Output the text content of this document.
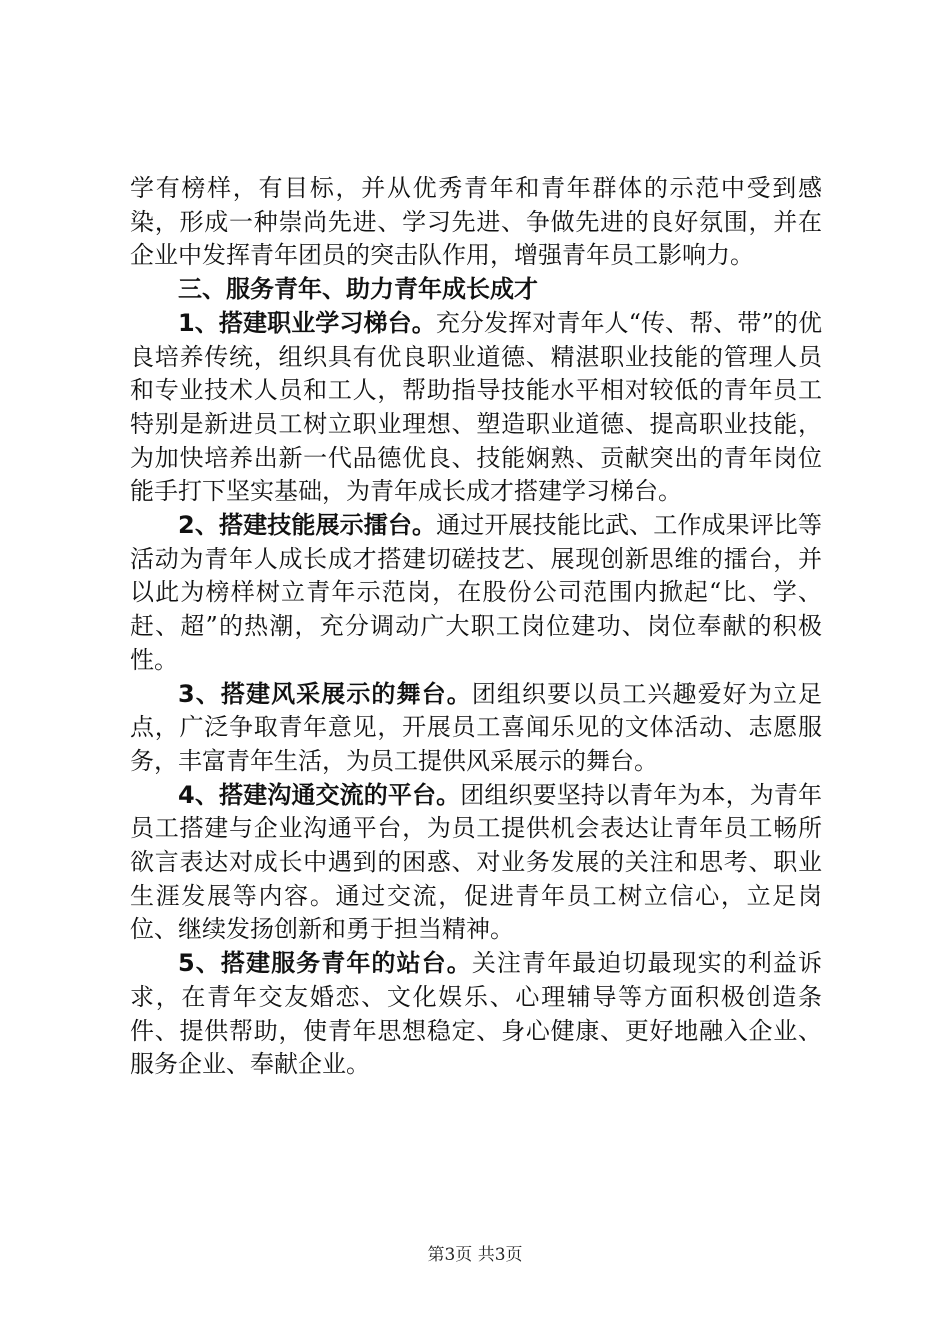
学有榜样，有目标，并从优秀青年和青年群体的示范中受到感染，形成一种崇尚先进、学习先进、争做先进的良好氛围，并在企业中发挥青年团员的突击队作用，增强青年员工影响力。

三、服务青年、助力青年成长成才

1、搭建职业学习梯台。充分发挥对青年人“传、帮、带”的优良培养传统，组织具有优良职业道德、精湛职业技能的管理人员和专业技术人员和工人，帮助指导技能水平相对较低的青年员工特别是新进员工树立职业理想、塑造职业道德、提高职业技能，为加快培养出新一代品德优良、技能娴熟、贡献突出的青年岗位能手打下坚实基础，为青年成长成才搭建学习梯台。

2、搭建技能展示擂台。通过开展技能比武、工作成果评比等活动为青年人成长成才搭建切磋技艺、展现创新思维的擂台，并以此为榜样树立青年示范岗，在股份公司范围内掀起“比、学、赶、超”的热潮，充分调动广大职工岗位建功、岗位奉献的积极性。

3、搭建风采展示的舞台。团组织要以员工兴趣爱好为立足点，广泛争取青年意见，开展员工喜闻乐见的文体活动、志愿服务，丰富青年生活，为员工提供风采展示的舞台。

4、搭建沟通交流的平台。团组织要坚持以青年为本，为青年员工搭建与企业沟通平台，为员工提供机会表达让青年员工畅所欲言表达对成长中遇到的困惑、对业务发展的关注和思考、职业生涯发展等内容。通过交流，促进青年员工树立信心，立足岗位、继续发扬创新和勇于担当精神。

5、搭建服务青年的站台。关注青年最迫切最现实的利益诉求，在青年交友婚恋、文化娱乐、心理辅导等方面积极创造条件、提供帮助，使青年思想稳定、身心健康、更好地融入企业、服务企业、奉献企业。

第3页 共3页
